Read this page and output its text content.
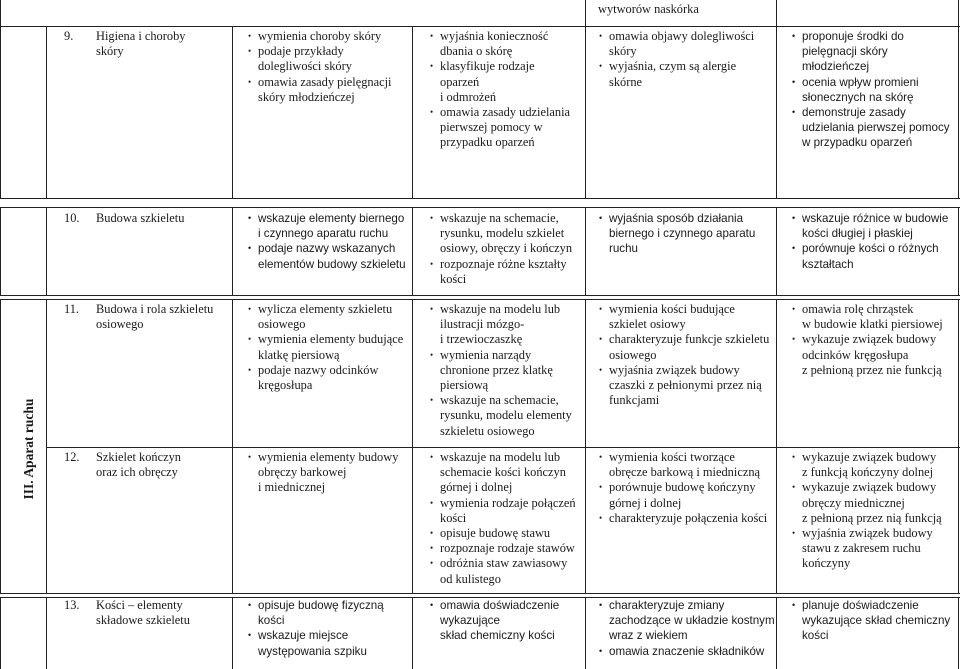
wytworów naskórka
III. Aparat ruchu
9. Higiena i choroby
skóry
• wymienia choroby skóry
• podaje przykłady
dolegliwości skóry
• omawia zasady pielęgnacji
skóry młodzieńczej
• wyjaśnia konieczność
dbania o skórę
• klasyfikuje rodzaje
oparzeń
i odmrożeń
• omawia zasady udzielania
pierwszej pomocy w
przypadku oparzeń
• omawia objawy dolegliwości
skóry
• wyjaśnia, czym są alergie
skórne
• proponuje środki do
pielęgnacji skóry
młodzieńczej
• ocenia wpływ promieni
słonecznych na skórę
• demonstruje zasady
udzielania pierwszej pomocy
w przypadku oparzeń
10. Budowa szkieletu	• wskazuje elementy biernego
i czynnego aparatu ruchu
• podaje nazwy wskazanych
elementów budowy szkieletu
• wskazuje na schemacie,
rysunku, modelu szkielet
osiowy, obręczy i kończyn
• rozpoznaje różne kształty
kości
• wyjaśnia sposób działania
biernego i czynnego aparatu
ruchu
• wskazuje różnice w budowie
kości długiej i płaskiej
• porównuje kości o różnych
kształtach
11. Budowa i rola szkieletu
osiowego
• wylicza elementy szkieletu
osiowego
• wymienia elementy budujące
klatkę piersiową
• podaje nazwy odcinków
kręgosłupa
• wskazuje na modelu lub
ilustracji mózgo-
i trzewioczaszkę
• wymienia narządy
chronione przez klatkę
piersiową
• wskazuje na schemacie,
rysunku, modelu elementy
szkieletu osiowego
• wymienia kości budujące
szkielet osiowy
• charakteryzuje funkcje szkieletu
osiowego
• wyjaśnia związek budowy
czaszki z pełnionymi przez nią
funkcjami
• omawia rolę chrząstek
w budowie klatki piersiowej
• wykazuje związek budowy
odcinków kręgosłupa
z pełnioną przez nie funkcją
12. Szkielet kończyn
oraz ich obręczy
• wymienia elementy budowy
obręczy barkowej
i miednicznej
• wskazuje na modelu lub
schemacie kości kończyn
górnej i dolnej
• wymienia rodzaje połączeń
kości
• opisuje budowę stawu
• rozpoznaje rodzaje stawów
• odróżnia staw zawiasowy
od kulistego
• wymienia kości tworzące
obręcze barkową i miedniczną
• porównuje budowę kończyny
górnej i dolnej
• charakteryzuje połączenia kości
• wykazuje związek budowy
z funkcją kończyny dolnej
• wykazuje związek budowy
obręczy miednicznej
z pełnioną przez nią funkcją
• wyjaśnia związek budowy
stawu z zakresem ruchu
kończyny
13. Kości – elementy
składowe szkieletu
• opisuje budowę fizyczną
kości
• wskazuje miejsce
występowania szpiku
• omawia doświadczenie
wykazujące
skład chemiczny kości
• charakteryzuje zmiany
zachodzące w układzie kostnym
wraz z wiekiem
• omawia znaczenie składników
• planuje doświadczenie
wykazujące skład chemiczny
kości
